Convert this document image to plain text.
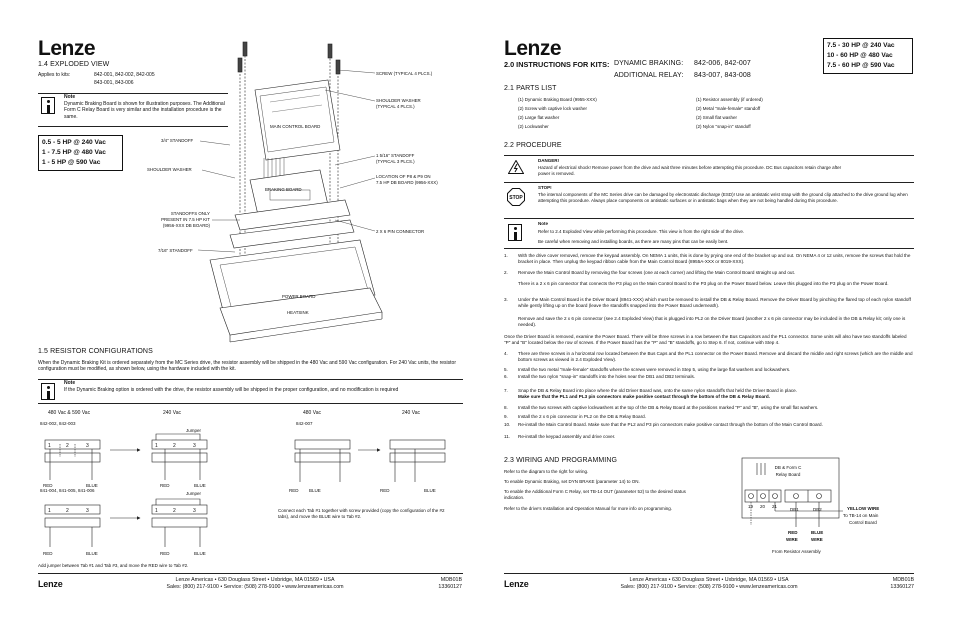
Lenze
1.4 EXPLODED VIEW
Applies to kits:	842-001, 842-002, 842-005
843-001, 843-006
Note
Dynamic Braking Board is shown for illustration purposes. The Additional Form C Relay Board is very similar and the installation procedure is the same.
0.5 - 5 HP @ 240 Vac
1 - 7.5 HP @ 480 Vac
1 - 5 HP @ 590 Vac
MAIN CONTROL BOARD
BRAKING BOARD
POWER BOARD
HEATSINK
SCREW (TYPICAL 4 PLCS.)
SHOULDER WASHER
(TYPICAL 4 PLCS.)
3/4" STANDOFF
SHOULDER WASHER
1 5/16" STANDOFF
(TYPICAL 3 PLCS.)
LOCATION OF P8 & P9 ON
7.5 HP DB BOARD (9956-XXX)
STANDOFFS ONLY
PRESENT IN 7.5 HP KIT
(9956-XXX DB BOARD)
2 X 6 PIN CONNECTOR
7/16" STANDOFF
1.5 RESISTOR CONFIGURATIONS
When the Dynamic Braking Kit is ordered separately from the MC Series drive, the resistor assembly will be shipped in the 480 Vac and 590 Vac configuration. For 240 Vac units, the resistor configuration must be modified, as shown below, using the hardware included with the kit.
Note
If the Dynamic Braking option is ordered with the drive, the resistor assembly will be shipped in the proper configuration, and no modification is required
480 Vac & 590 Vac	240 Vac	480 Vac	240 Vac
842-002, 842-003	842-007
841-004, 841-005, 841-006
Jumper
Jumper
1	2	3	1	2	3
1	2	3	1	2	3
RED	BLUE	RED	BLUE
RED BLUE	RED	BLUE
RED	BLUE	RED	BLUE
Connect each Tab #1 together with screw provided (copy the configuration of the #2 tabs), and move the BLUE wire to Tab #2.
Add jumper between Tab #1 and Tab #3, and move the RED wire to Tab #2.
Lenze	Lenze Americas • 630 Douglass Street • Uxbridge, MA 01569 • USA
Sales: (800) 217-9100 • Service: (508) 278-9100 • www.lenzeamericas.com
MDB01B
13360127
Lenze	7.5 - 30 HP @ 240 Vac
10 - 60 HP @ 480 Vac
7.5 - 60 HP @ 590 Vac
2.0 INSTRUCTIONS FOR KITS: DYNAMIC BRAKING: 842-006, 842-007
ADDITIONAL RELAY: 843-007, 843-008
2.1 PARTS LIST
(1) Dynamic Braking Board (9955-XXX)
(2) Screw with captive lock washer
(2) Large flat washer
(2) Lockwasher
(1) Resistor assembly (if ordered)
(2) Metal "male-female" standoff
(2) Small flat washer
(2) Nylon "snap-in" standoff
2.2 PROCEDURE
DANGER!
Hazard of electrical shock! Remove power from the drive and wait three minutes before attempting this procedure. DC Bus capacitors retain charge after power is removed.
STOP
STOP!
The internal components of the MC Series drive can be damaged by electrostatic discharge (ESD)! Use an antistatic wrist strap with the ground clip attached to the drive ground lug when attempting this procedure. Always place components on antistatic surfaces or in antistatic bags when they are not being handled during this procedure.
Note
Refer to 2.4 Exploded View while performing this procedure. This view is from the right side of the drive.
Be careful when removing and installing boards, as there are many pins that can be easily bent.
1. With the drive cover removed, remove the keypad assembly. On NEMA 1 units, this is done by prying one end of the bracket up and out. On NEMA 4 or 12 units, remove the screws that hold the bracket in place. Then unplug the keypad ribbon cable from the Main Control Board (8955A-XXX or 8019-XXX).
2. Remove the Main Control Board by removing the four screws (one at each corner) and lifting the Main Control Board straight up and out.
There is a 2 x 6 pin connector that connects the P3 plug on the Main Control Board to the P3 plug on the Power Board below. Leave this plugged into the P3 plug on the Power Board.
3. Under the Main Control Board is the Driver Board (8941-XXX) which must be removed to install the DB & Relay Board. Remove the Driver Board by pinching the flared top of each nylon standoff while gently lifting up on the board (leave the standoffs snapped into the Power Board underneath).
Remove and save the 2 x 6 pin connector (see 2.4 Exploded View) that is plugged into PL2 on the Driver Board (another 2 x 6 pin connector may be included in the DB & Relay kit; only one is needed).
Once the Driver Board is removed, examine the Power Board. There will be three screws in a row between the Bus Capacitors and the PL1 connector. Some units will also have two standoffs labeled "P" and "B" located below the row of screws. If the Power Board has the "P" and "B" standoffs, go to Step 6. If not, continue with Step 4.
4. There are three screws in a horizontal row located between the Bus Caps and the PL1 connector on the Power Board. Remove and discard the middle and right screws (which are the middle and bottom screws as viewed in 2.4 Exploded View).
5. Install the two metal "male-female" standoffs where the screws were removed in Step 5, using the large flat washers and lockwashers.
6. Install the two nylon "snap-in" standoffs into the holes near the DB1 and DB2 terminals.
7. Snap the DB & Relay Board into place where the old Driver Board was, onto the same nylon standoffs that held the Driver Board in place.
Make sure that the PL1 and PL3 pin connectors make positive contact through the bottom of the DB & Relay Board.
8. Install the two screws with captive lockwashers at the top of the DB & Relay Board at the positions marked "P" and "B", using the small flat washers.
9. Install the 2 x 6 pin connector in PL2 on the DB & Relay Board.
10. Re-install the Main Control Board. Make sure that the PL2 and P3 pin connectors make positive contact through the bottom of the Main Control Board.
11. Re-install the keypad assembly and drive cover.
2.3 WIRING AND PROGRAMMING
Refer to the diagram to the right for wiring.
To enable Dynamic Braking, set DYN BRAKE (parameter 14) to ON.
To enable the Additional Form C Relay, set TB-14 OUT (parameter 52) to the desired status indication.
Refer to the drive's Installation and Operation Manual for more info on programming.
DB & Form C
Relay Board
19 20 21
DB1	DB2	YELLOW WIRE
To TB-14 on Main
Control Board
RED
WIRE
BLUE
WIRE
From Resistor Assembly
Lenze	Lenze Americas • 630 Douglass Street • Uxbridge, MA 01569 • USA
Sales: (800) 217-9100 • Service: (508) 278-9100 • www.lenzeamericas.com
MDB01B
13360127
